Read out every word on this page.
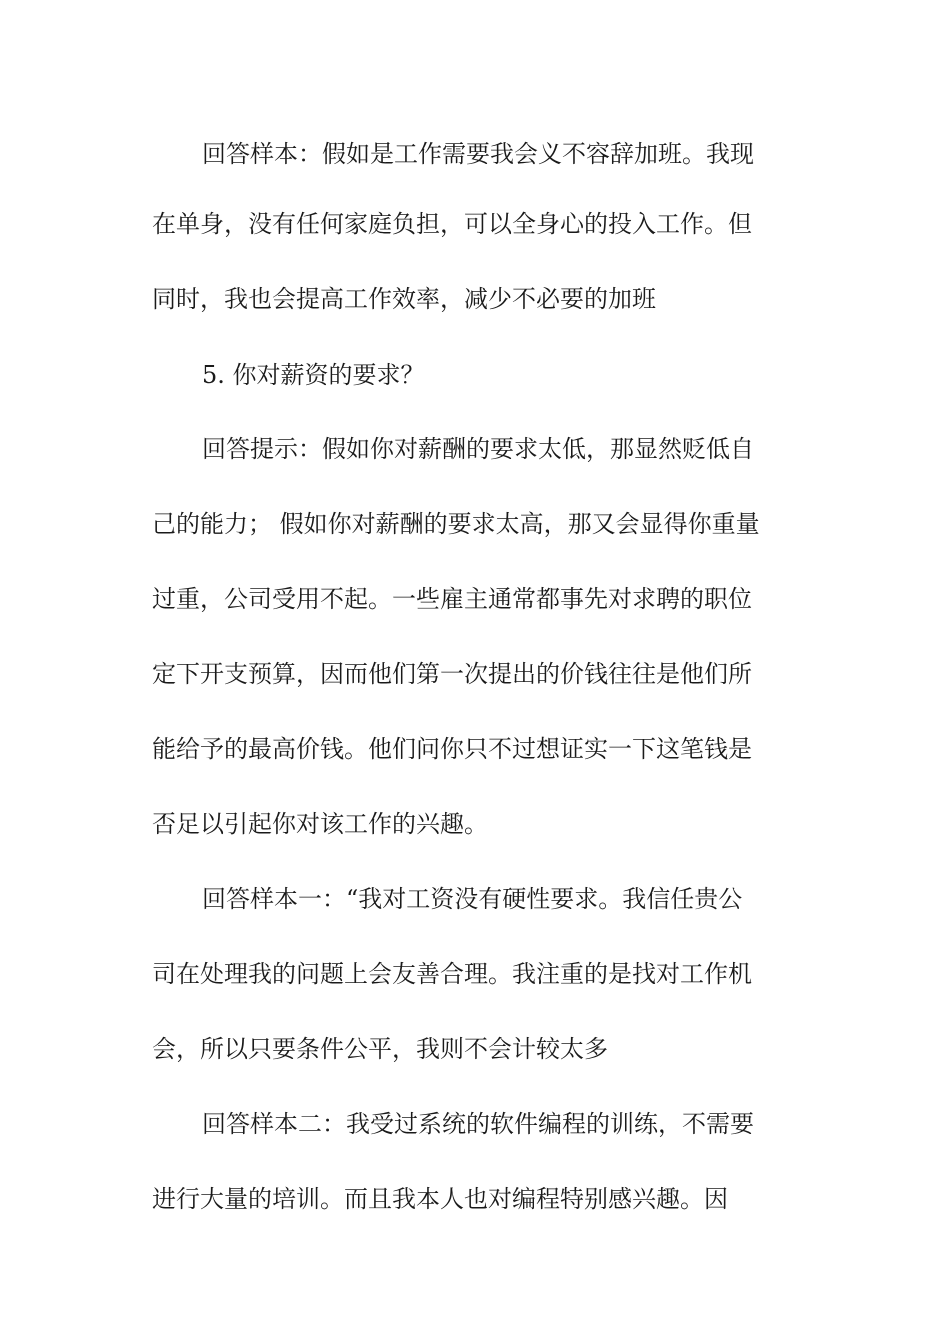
回答样本：假如是工作需要我会义不容辞加班。我现

在单身，没有任何家庭负担，可以全身心的投入工作。但

同时，我也会提高工作效率，减少不必要的加班

5. 你对薪资的要求？

回答提示：假如你对薪酬的要求太低，那显然贬低自

己的能力； 假如你对薪酬的要求太高，那又会显得你重量

过重，公司受用不起。一些雇主通常都事先对求聘的职位

定下开支预算，因而他们第一次提出的价钱往往是他们所

能给予的最高价钱。他们问你只不过想证实一下这笔钱是

否足以引起你对该工作的兴趣。

回答样本一：“我对工资没有硬性要求。我信任贵公

司在处理我的问题上会友善合理。我注重的是找对工作机

会，所以只要条件公平，我则不会计较太多

回答样本二：我受过系统的软件编程的训练，不需要

进行大量的培训。而且我本人也对编程特别感兴趣。因
